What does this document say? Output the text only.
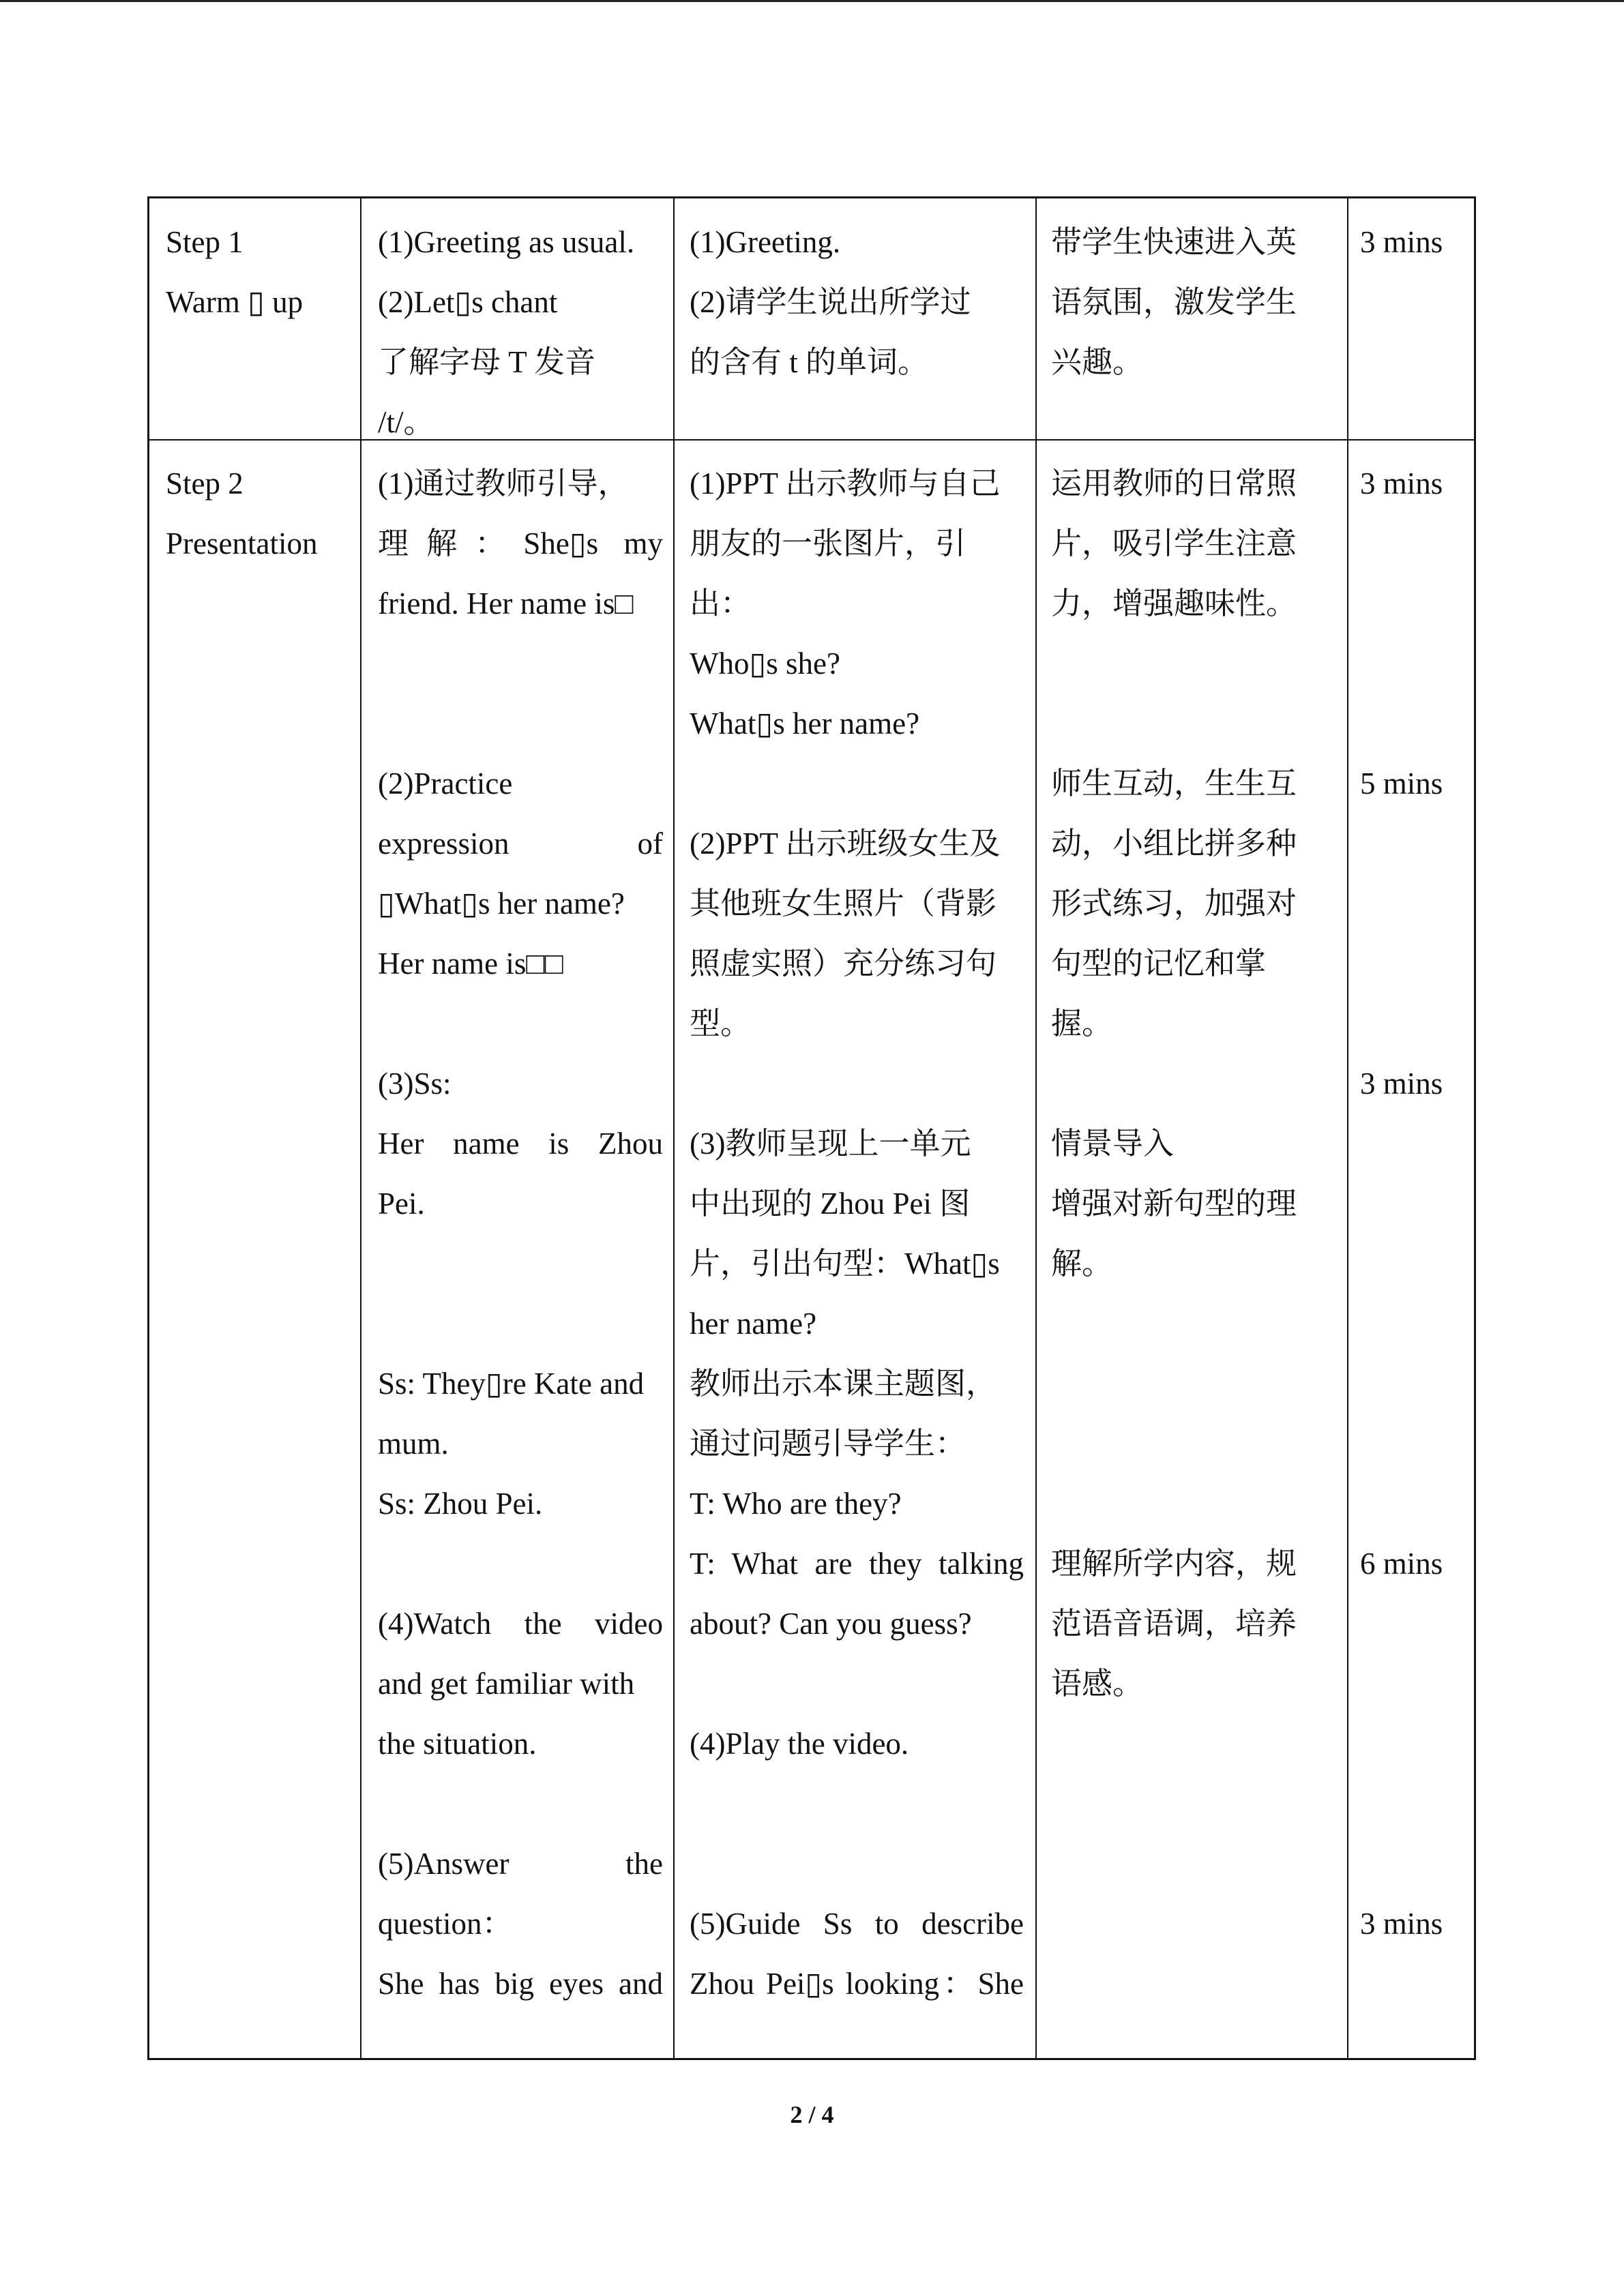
Step 1
Warm ▯ up
(1)Greeting as usual.
(2)Let▯s chant
了解字母 T 发音
/t/。
(1)Greeting.
(2)请学生说出所学过
的含有 t 的单词。
带学生快速进入英
语氛围，激发学生
兴趣。
3 mins
Step 2
Presentation
(1)通过教师引导，
理解：She▯s my
friend. Her name is□
(2)Practice
expression of
▯What▯s her name?
Her name is□□
(3)Ss:
Her name is Zhou
Pei.
Ss: They▯re Kate and
mum.
Ss: Zhou Pei.
(4)Watch the video
and get familiar with
the situation.
(5)Answer the
question：
She has big eyes and
(1)PPT 出示教师与自己
朋友的一张图片，引
出：
Who▯s she?
What▯s her name?
(2)PPT 出示班级女生及
其他班女生照片（背影
照虚实照）充分练习句
型。
(3)教师呈现上一单元
中出现的 Zhou Pei 图
片，引出句型：What▯s
her name?
教师出示本课主题图，
通过问题引导学生：
T: Who are they?
T: What are they talking
about? Can you guess?
(4)Play the video.
(5)Guide Ss to describe
Zhou Pei▯s looking：She
运用教师的日常照
片，吸引学生注意
力，增强趣味性。
师生互动，生生互
动，小组比拼多种
形式练习，加强对
句型的记忆和掌
握。
情景导入
增强对新句型的理
解。
理解所学内容，规
范语音语调，培养
语感。
3 mins
5 mins
3 mins
6 mins
3 mins
2 / 4
